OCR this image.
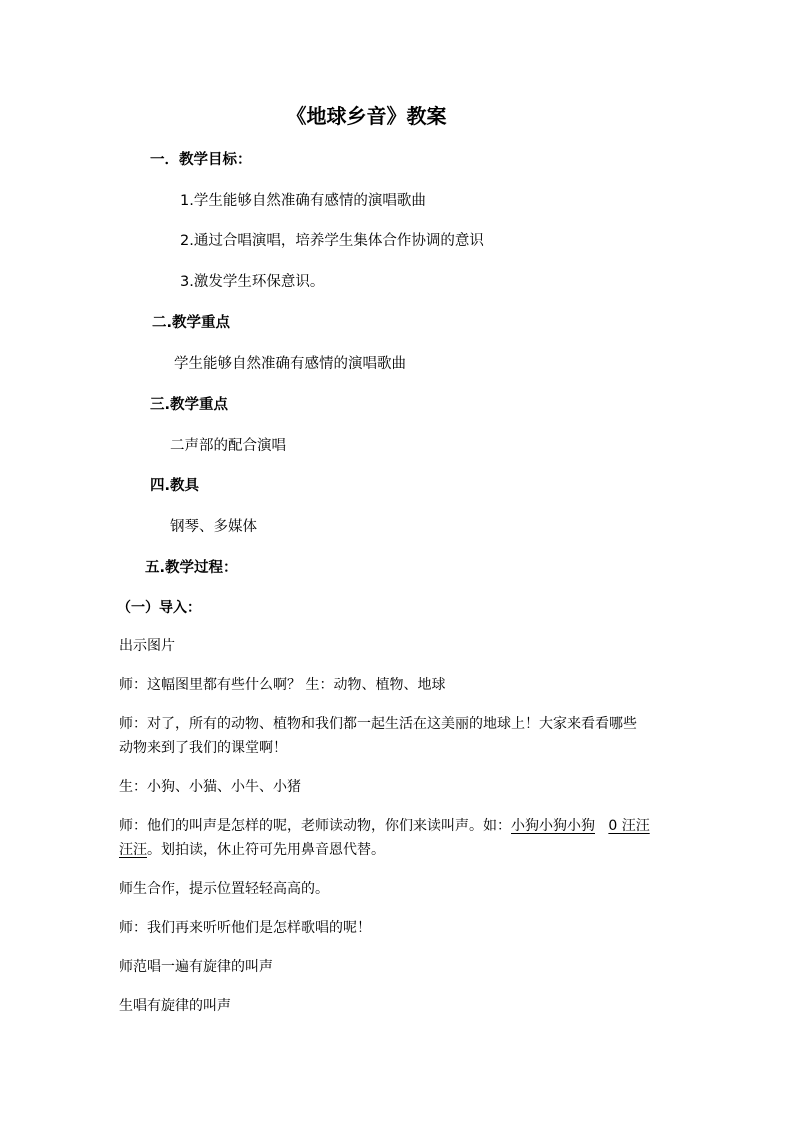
《地球乡音》教案
一．教学目标：
1.学生能够自然准确有感情的演唱歌曲
2.通过合唱演唱，培养学生集体合作协调的意识
3.激发学生环保意识。
二.教学重点
学生能够自然准确有感情的演唱歌曲
三.教学重点
二声部的配合演唱
四.教具
钢琴、多媒体
五.教学过程：
（一）导入：
出示图片
师：这幅图里都有些什么啊？ 生：动物、植物、地球
师：对了，所有的动物、植物和我们都一起生活在这美丽的地球上！大家来看看哪些
动物来到了我们的课堂啊！
生：小狗、小猫、小牛、小猪
师：他们的叫声是怎样的呢，老师读动物，你们来读叫声。如：小狗小狗小狗 0 汪汪
汪汪。划拍读，休止符可先用鼻音恩代替。
师生合作，提示位置轻轻高高的。
师：我们再来听听他们是怎样歌唱的呢！
师范唱一遍有旋律的叫声
生唱有旋律的叫声
